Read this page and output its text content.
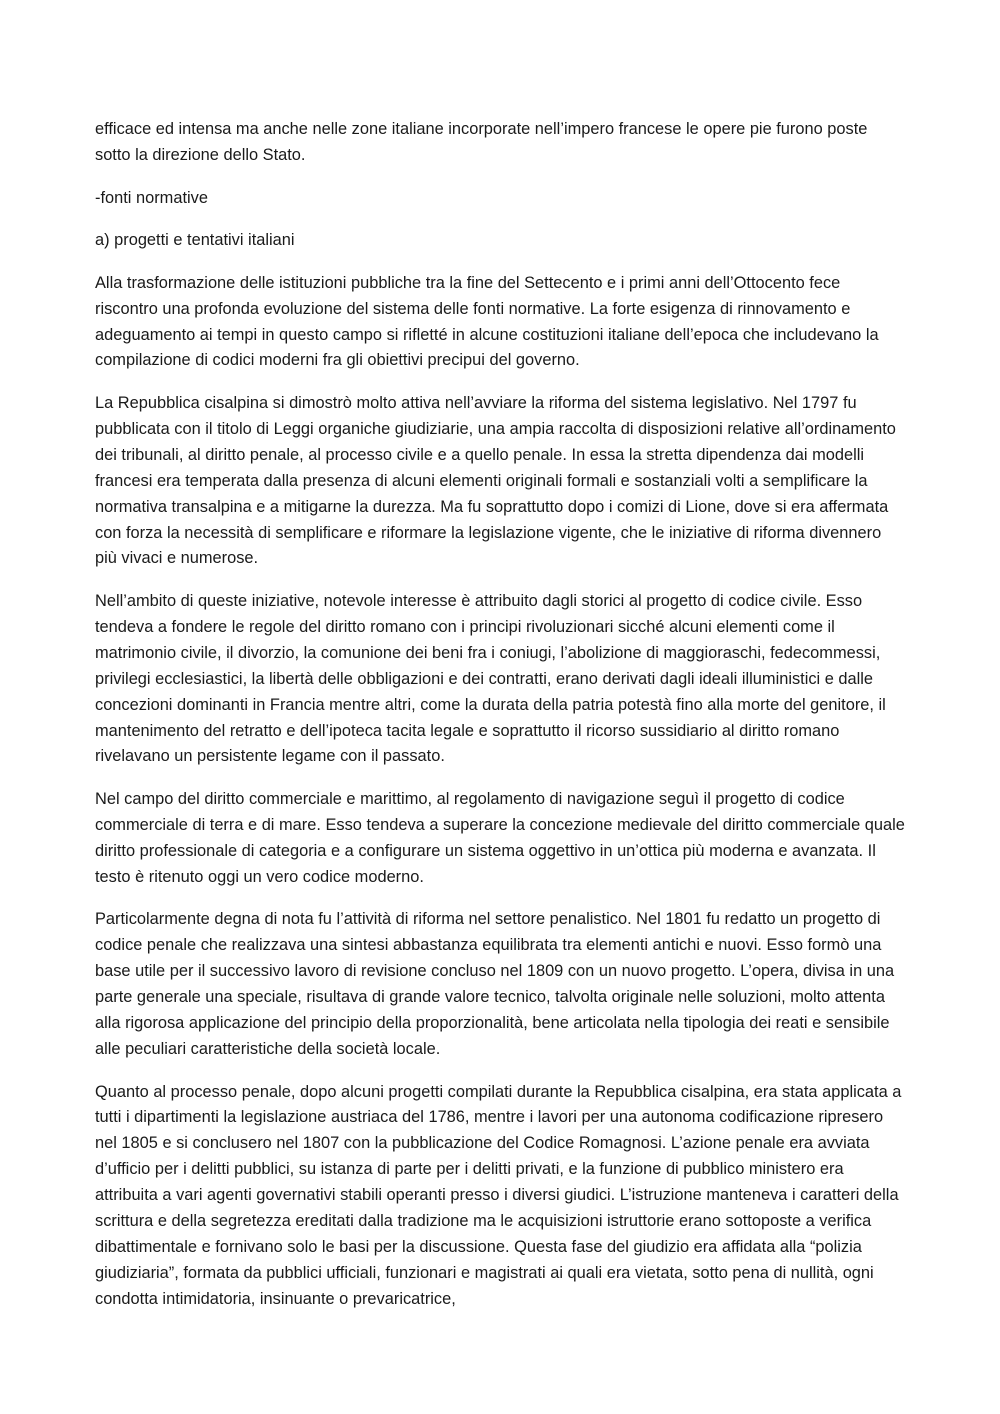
efficace ed intensa ma anche nelle zone italiane incorporate nell’impero francese le opere pie furono poste sotto la direzione dello Stato.

-fonti normative

a) progetti e tentativi italiani

Alla trasformazione delle istituzioni pubbliche tra la fine del Settecento e i primi anni dell’Ottocento fece riscontro una profonda evoluzione del sistema delle fonti normative. La forte esigenza di rinnovamento e adeguamento ai tempi in questo campo si rifletté in alcune costituzioni italiane dell’epoca che includevano la compilazione di codici moderni fra gli obiettivi precipui del governo.

La Repubblica cisalpina si dimostrò molto attiva nell’avviare la riforma del sistema legislativo. Nel 1797 fu pubblicata con il titolo di Leggi organiche giudiziarie, una ampia raccolta di disposizioni relative all’ordinamento dei tribunali, al diritto penale, al processo civile e a quello penale. In essa la stretta dipendenza dai modelli francesi era temperata dalla presenza di alcuni elementi originali formali e sostanziali volti a semplificare la normativa transalpina e a mitigarne la durezza. Ma fu soprattutto dopo i comizi di Lione, dove si era affermata con forza la necessità di semplificare e riformare la legislazione vigente, che le iniziative di riforma divennero più vivaci e numerose.

Nell’ambito di queste iniziative, notevole interesse è attribuito dagli storici al progetto di codice civile. Esso tendeva a fondere le regole del diritto romano con i principi rivoluzionari sicché alcuni elementi come il matrimonio civile, il divorzio, la comunione dei beni fra i coniugi, l’abolizione di maggioraschi, fedecommessi, privilegi ecclesiastici, la libertà delle obbligazioni e dei contratti, erano derivati dagli ideali illuministici e dalle concezioni dominanti in Francia mentre altri, come la durata della patria potestà fino alla morte del genitore, il mantenimento del retratto e dell’ipoteca tacita legale e soprattutto il ricorso sussidiario al diritto romano rivelavano un persistente legame con il passato.

Nel campo del diritto commerciale e marittimo, al regolamento di navigazione seguì il progetto di codice commerciale di terra e di mare. Esso tendeva a superare la concezione medievale del diritto commerciale quale diritto professionale di categoria e a configurare un sistema oggettivo in un’ottica più moderna e avanzata. Il testo è ritenuto oggi un vero codice moderno.

Particolarmente degna di nota fu l’attività di riforma nel settore penalistico. Nel 1801 fu redatto un progetto di codice penale che realizzava una sintesi abbastanza equilibrata tra elementi antichi e nuovi. Esso formò una base utile per il successivo lavoro di revisione concluso nel 1809 con un nuovo progetto. L’opera, divisa in una parte generale una speciale, risultava di grande valore tecnico, talvolta originale nelle soluzioni, molto attenta alla rigorosa applicazione del principio della proporzionalità, bene articolata nella tipologia dei reati e sensibile alle peculiari caratteristiche della società locale.

Quanto al processo penale, dopo alcuni progetti compilati durante la Repubblica cisalpina, era stata applicata a tutti i dipartimenti la legislazione austriaca del 1786, mentre i lavori per una autonoma codificazione ripresero nel 1805 e si conclusero nel 1807 con la pubblicazione del Codice Romagnosi. L’azione penale era avviata d’ufficio per i delitti pubblici, su istanza di parte per i delitti privati, e la funzione di pubblico ministero era attribuita a vari agenti governativi stabili operanti presso i diversi giudici. L’istruzione manteneva i caratteri della scrittura e della segretezza ereditati dalla tradizione ma le acquisizioni istruttorie erano sottoposte a verifica dibattimentale e fornivano solo le basi per la discussione. Questa fase del giudizio era affidata alla “polizia giudiziaria”, formata da pubblici ufficiali, funzionari e magistrati ai quali era vietata, sotto pena di nullità, ogni condotta intimidatoria, insinuante o prevaricatrice,
